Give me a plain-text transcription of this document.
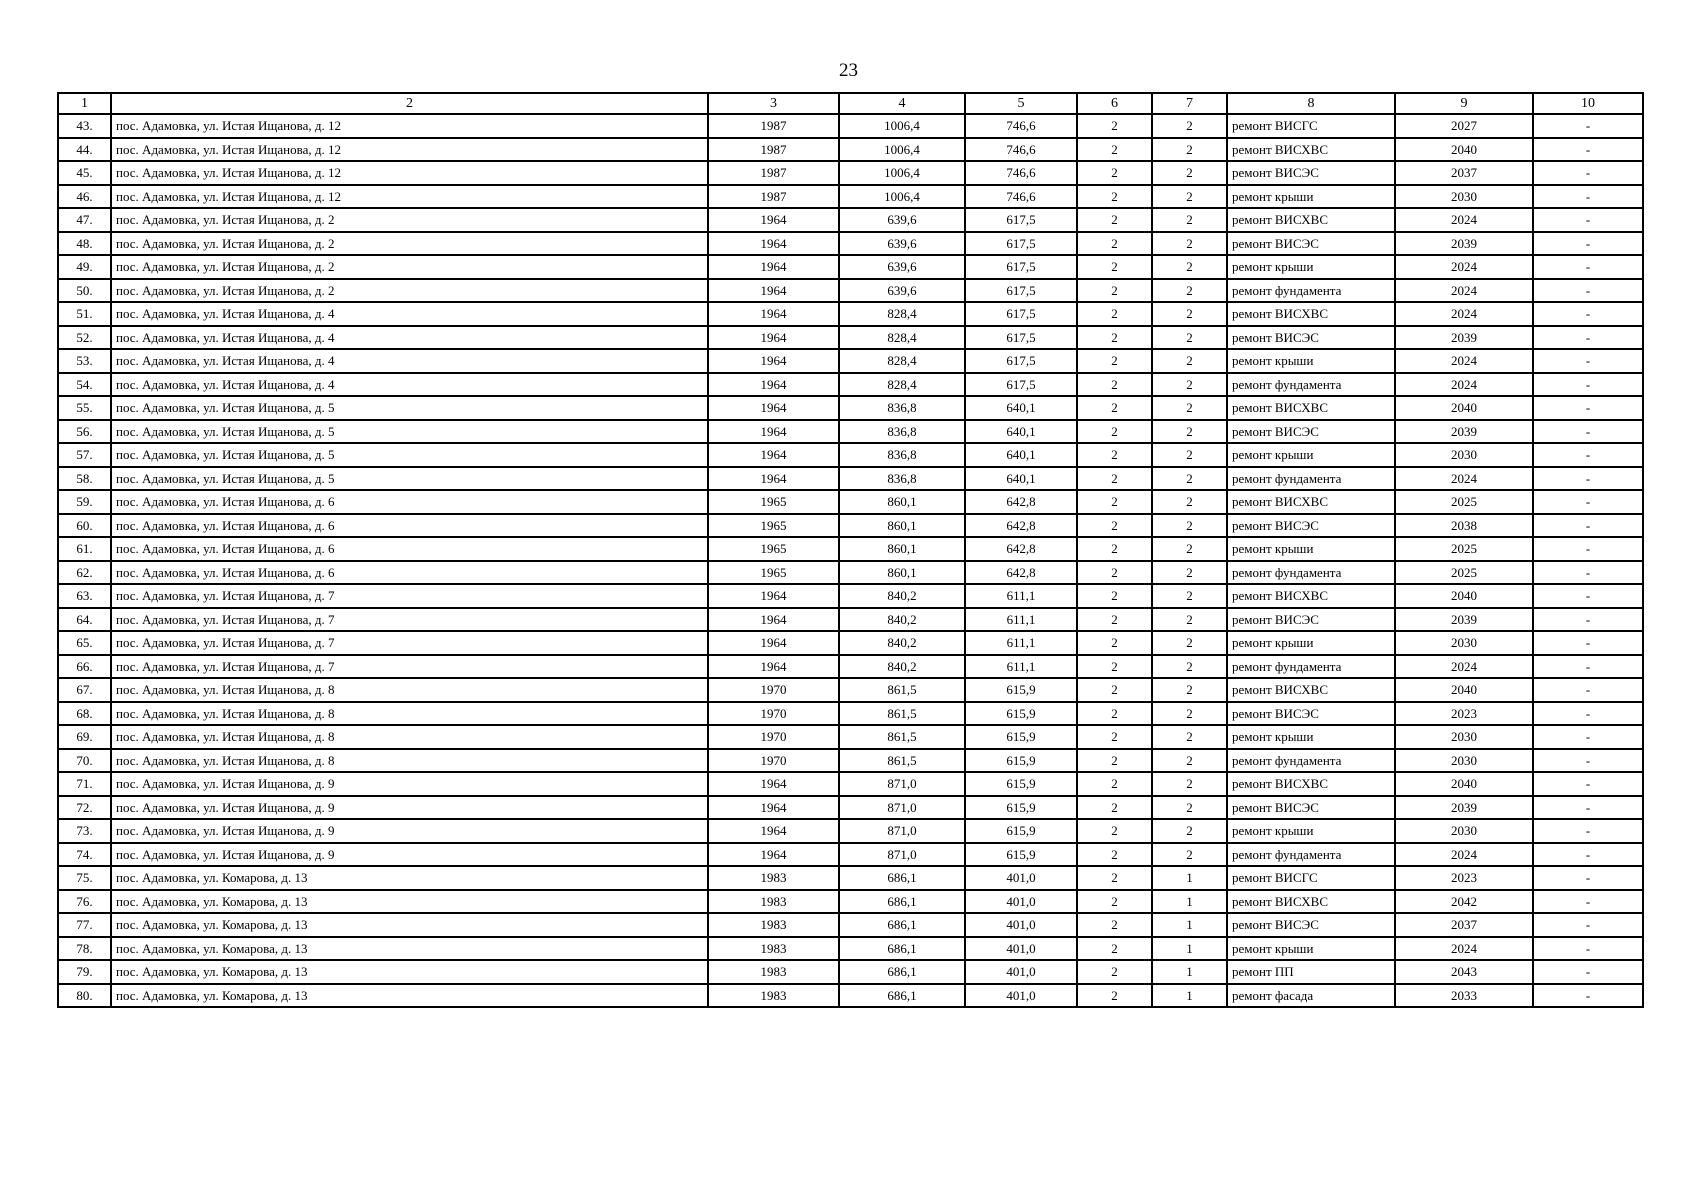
23
1	2	3	4	5	6	7	8	9	10
43.	пос. Адамовка, ул. Истая Ищанова, д. 12	1987	1006,4	746,6	2	2	ремонт ВИСГС	2027	-
44.	пос. Адамовка, ул. Истая Ищанова, д. 12	1987	1006,4	746,6	2	2	ремонт ВИСХВС	2040	-
45.	пос. Адамовка, ул. Истая Ищанова, д. 12	1987	1006,4	746,6	2	2	ремонт ВИСЭС	2037	-
46.	пос. Адамовка, ул. Истая Ищанова, д. 12	1987	1006,4	746,6	2	2	ремонт крыши	2030	-
47.	пос. Адамовка, ул. Истая Ищанова, д. 2	1964	639,6	617,5	2	2	ремонт ВИСХВС	2024	-
48.	пос. Адамовка, ул. Истая Ищанова, д. 2	1964	639,6	617,5	2	2	ремонт ВИСЭС	2039	-
49.	пос. Адамовка, ул. Истая Ищанова, д. 2	1964	639,6	617,5	2	2	ремонт крыши	2024	-
50.	пос. Адамовка, ул. Истая Ищанова, д. 2	1964	639,6	617,5	2	2	ремонт фундамента	2024	-
51.	пос. Адамовка, ул. Истая Ищанова, д. 4	1964	828,4	617,5	2	2	ремонт ВИСХВС	2024	-
52.	пос. Адамовка, ул. Истая Ищанова, д. 4	1964	828,4	617,5	2	2	ремонт ВИСЭС	2039	-
53.	пос. Адамовка, ул. Истая Ищанова, д. 4	1964	828,4	617,5	2	2	ремонт крыши	2024	-
54.	пос. Адамовка, ул. Истая Ищанова, д. 4	1964	828,4	617,5	2	2	ремонт фундамента	2024	-
55.	пос. Адамовка, ул. Истая Ищанова, д. 5	1964	836,8	640,1	2	2	ремонт ВИСХВС	2040	-
56.	пос. Адамовка, ул. Истая Ищанова, д. 5	1964	836,8	640,1	2	2	ремонт ВИСЭС	2039	-
57.	пос. Адамовка, ул. Истая Ищанова, д. 5	1964	836,8	640,1	2	2	ремонт крыши	2030	-
58.	пос. Адамовка, ул. Истая Ищанова, д. 5	1964	836,8	640,1	2	2	ремонт фундамента	2024	-
59.	пос. Адамовка, ул. Истая Ищанова, д. 6	1965	860,1	642,8	2	2	ремонт ВИСХВС	2025	-
60.	пос. Адамовка, ул. Истая Ищанова, д. 6	1965	860,1	642,8	2	2	ремонт ВИСЭС	2038	-
61.	пос. Адамовка, ул. Истая Ищанова, д. 6	1965	860,1	642,8	2	2	ремонт крыши	2025	-
62.	пос. Адамовка, ул. Истая Ищанова, д. 6	1965	860,1	642,8	2	2	ремонт фундамента	2025	-
63.	пос. Адамовка, ул. Истая Ищанова, д. 7	1964	840,2	611,1	2	2	ремонт ВИСХВС	2040	-
64.	пос. Адамовка, ул. Истая Ищанова, д. 7	1964	840,2	611,1	2	2	ремонт ВИСЭС	2039	-
65.	пос. Адамовка, ул. Истая Ищанова, д. 7	1964	840,2	611,1	2	2	ремонт крыши	2030	-
66.	пос. Адамовка, ул. Истая Ищанова, д. 7	1964	840,2	611,1	2	2	ремонт фундамента	2024	-
67.	пос. Адамовка, ул. Истая Ищанова, д. 8	1970	861,5	615,9	2	2	ремонт ВИСХВС	2040	-
68.	пос. Адамовка, ул. Истая Ищанова, д. 8	1970	861,5	615,9	2	2	ремонт ВИСЭС	2023	-
69.	пос. Адамовка, ул. Истая Ищанова, д. 8	1970	861,5	615,9	2	2	ремонт крыши	2030	-
70.	пос. Адамовка, ул. Истая Ищанова, д. 8	1970	861,5	615,9	2	2	ремонт фундамента	2030	-
71.	пос. Адамовка, ул. Истая Ищанова, д. 9	1964	871,0	615,9	2	2	ремонт ВИСХВС	2040	-
72.	пос. Адамовка, ул. Истая Ищанова, д. 9	1964	871,0	615,9	2	2	ремонт ВИСЭС	2039	-
73.	пос. Адамовка, ул. Истая Ищанова, д. 9	1964	871,0	615,9	2	2	ремонт крыши	2030	-
74.	пос. Адамовка, ул. Истая Ищанова, д. 9	1964	871,0	615,9	2	2	ремонт фундамента	2024	-
75.	пос. Адамовка, ул. Комарова, д. 13	1983	686,1	401,0	2	1	ремонт ВИСГС	2023	-
76.	пос. Адамовка, ул. Комарова, д. 13	1983	686,1	401,0	2	1	ремонт ВИСХВС	2042	-
77.	пос. Адамовка, ул. Комарова, д. 13	1983	686,1	401,0	2	1	ремонт ВИСЭС	2037	-
78.	пос. Адамовка, ул. Комарова, д. 13	1983	686,1	401,0	2	1	ремонт крыши	2024	-
79.	пос. Адамовка, ул. Комарова, д. 13	1983	686,1	401,0	2	1	ремонт ПП	2043	-
80.	пос. Адамовка, ул. Комарова, д. 13	1983	686,1	401,0	2	1	ремонт фасада	2033	-
